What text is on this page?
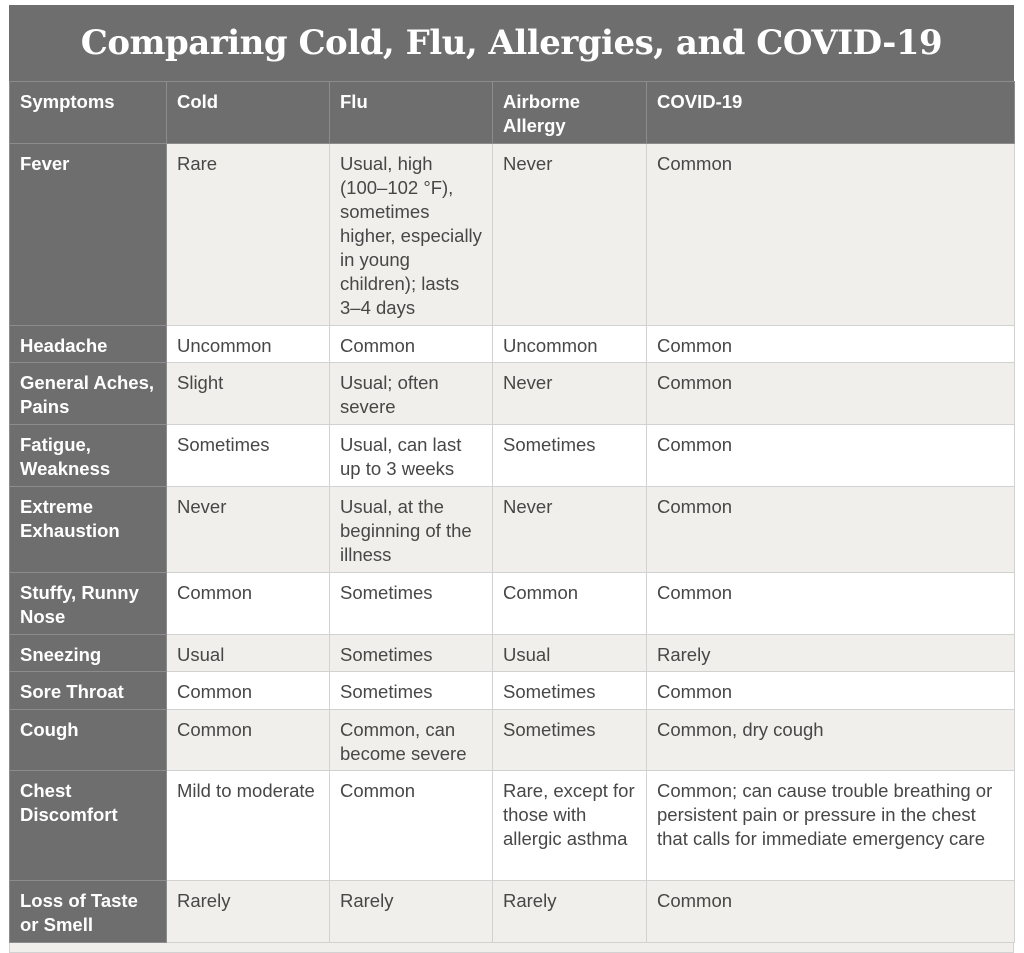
Comparing Cold, Flu, Allergies, and COVID-19
Symptoms	Cold	Flu	Airborne Allergy	COVID-19
Fever	Rare	Usual, high (100–102 °F), sometimes higher, especially in young children); lasts 3–4 days	Never	Common
Headache	Uncommon	Common	Uncommon	Common
General Aches, Pains	Slight	Usual; often severe	Never	Common
Fatigue, Weakness	Sometimes	Usual, can last up to 3 weeks	Sometimes	Common
Extreme Exhaustion	Never	Usual, at the beginning of the illness	Never	Common
Stuffy, Runny Nose	Common	Sometimes	Common	Common
Sneezing	Usual	Sometimes	Usual	Rarely
Sore Throat	Common	Sometimes	Sometimes	Common
Cough	Common	Common, can become severe	Sometimes	Common, dry cough
Chest Discomfort	Mild to moderate	Common	Rare, except for those with allergic asthma	Common; can cause trouble breathing or persistent pain or pressure in the chest that calls for immediate emergency care
Loss of Taste or Smell	Rarely	Rarely	Rarely	Common
